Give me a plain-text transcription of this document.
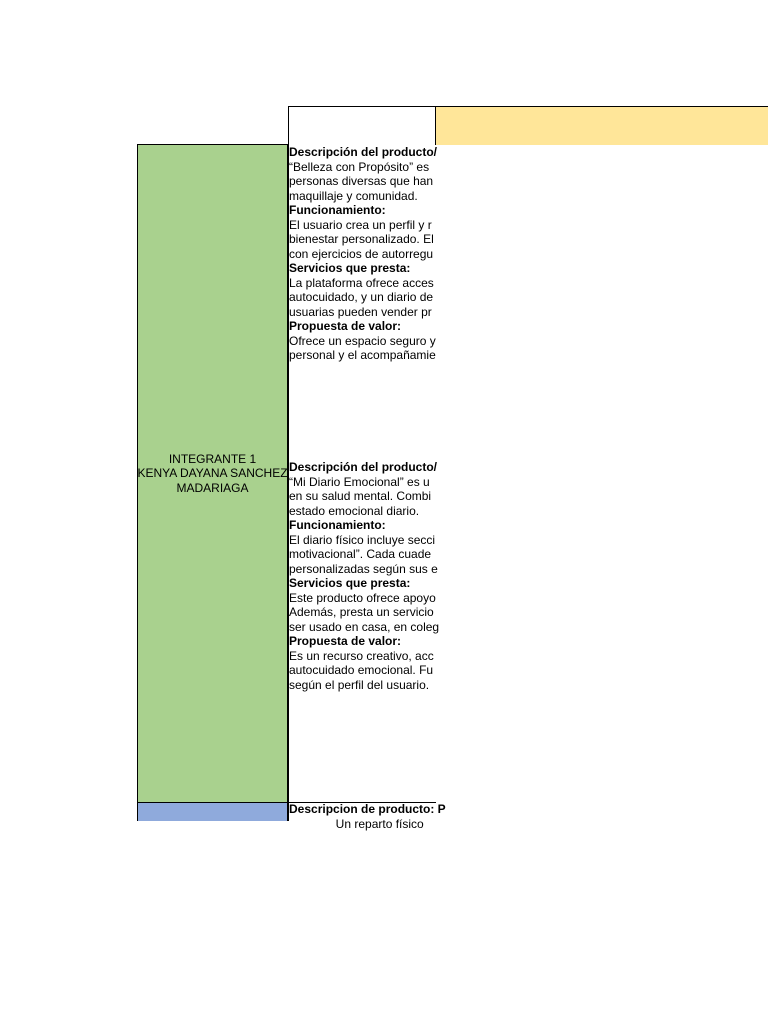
INTEGRANTE 1
KENYA DAYANA SANCHEZ
MADARIAGA
Descripción del producto/
“Belleza con Propósito” es
personas diversas que han
maquillaje y comunidad.
Funcionamiento:
El usuario crea un perfil y r
bienestar personalizado. El
con ejercicios de autorregu
Servicios que presta:
La plataforma ofrece acces
autocuidado, y un diario de
usuarias pueden vender pr
Propuesta de valor:
Ofrece un espacio seguro y
personal y el acompañamie
Descripción del producto/
“Mi Diario Emocional” es u
en su salud mental. Combi
estado emocional diario.
Funcionamiento:
El diario físico incluye secci
motivacional”. Cada cuade
personalizadas según sus e
Servicios que presta:
Este producto ofrece apoyo
Además, presta un servicio
ser usado en casa, en coleg
Propuesta de valor:
Es un recurso creativo, acc
autocuidado emocional. Fu
según el perfil del usuario.
Descripcion de producto: P
Un reparto físico
